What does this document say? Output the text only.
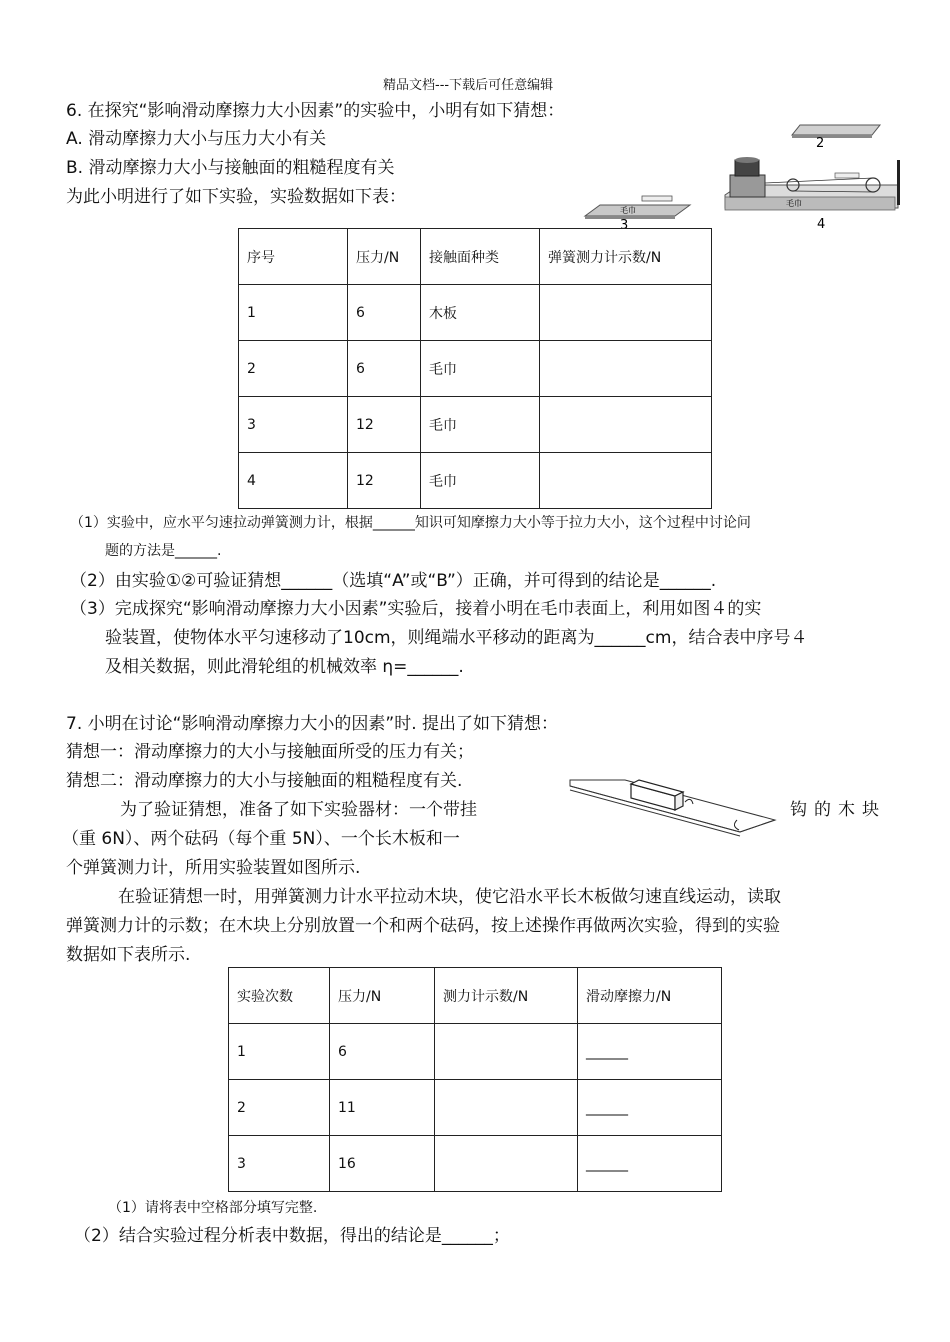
精品文档---下载后可任意编辑
6. 在探究“影响滑动摩擦力大小因素”的实验中，小明有如下猜想：
A. 滑动摩擦力大小与压力大小有关
B. 滑动摩擦力大小与接触面的粗糙程度有关
为此小明进行了如下实验，实验数据如下表：
2
毛巾
3
毛巾
4
序号	压力/N	接触面种类	弹簧测力计示数/N
1	6	木板	
2	6	毛巾	
3	12	毛巾	
4	12	毛巾	
（1）实验中，应水平匀速拉动弹簧测力计，根据______知识可知摩擦力大小等于拉力大小，这个过程中讨论问
题的方法是______.
（2）由实验①②可验证猜想______（选填“A”或“B”）正确，并可得到的结论是______.
（3）完成探究“影响滑动摩擦力大小因素”实验后，接着小明在毛巾表面上，利用如图４的实
验装置，使物体水平匀速移动了10cm，则绳端水平移动的距离为______cm，结合表中序号４
及相关数据，则此滑轮组的机械效率 η=______.
7. 小明在讨论“影响滑动摩擦力大小的因素”时. 提出了如下猜想：
猜想一：滑动摩擦力的大小与接触面所受的压力有关；
猜想二：滑动摩擦力的大小与接触面的粗糙程度有关.
为了验证猜想，准备了如下实验器材：一个带挂	钩的木块
（重 6N）、两个砝码（每个重 5N）、一个长木板和一
个弹簧测力计，所用实验装置如图所示.
在验证猜想一时，用弹簧测力计水平拉动木块，使它沿水平长木板做匀速直线运动，读取
弹簧测力计的示数；在木块上分别放置一个和两个砝码，按上述操作再做两次实验，得到的实验
数据如下表所示.
实验次数	压力/N	测力计示数/N	滑动摩擦力/N
1	6		______
2	11		______
3	16		______
（1）请将表中空格部分填写完整.
（2）结合实验过程分析表中数据，得出的结论是______；
